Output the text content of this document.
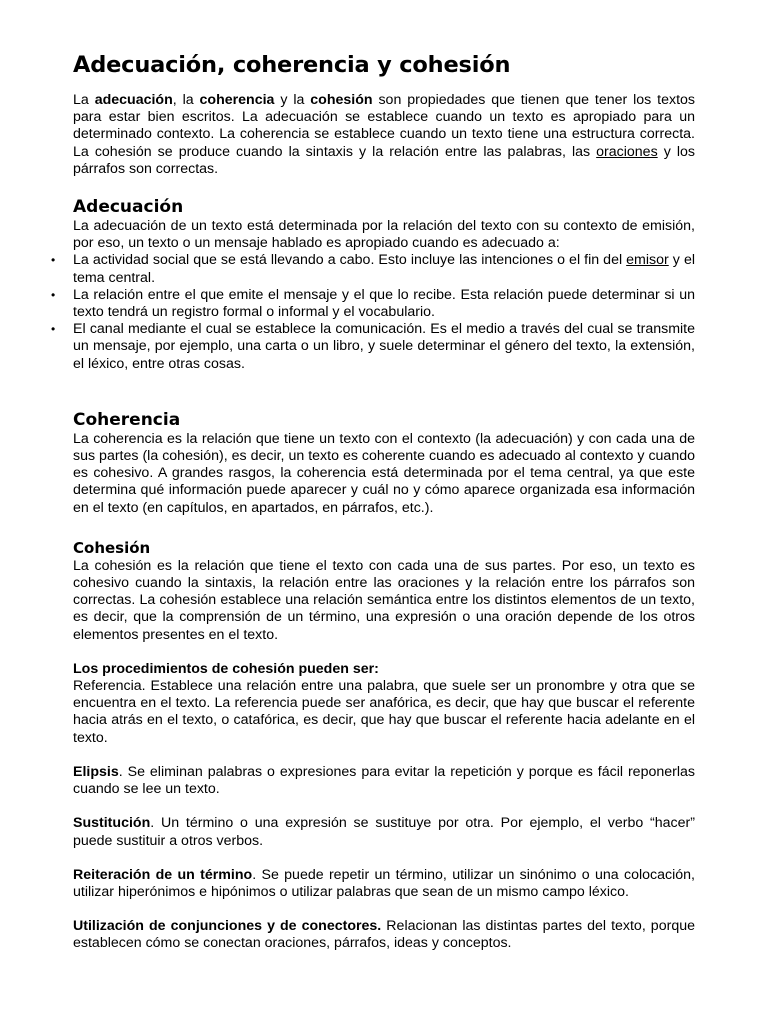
Adecuación, coherencia y cohesión

La adecuación, la coherencia y la cohesión son propiedades que tienen que tener los textos para estar bien escritos. La adecuación se establece cuando un texto es apropiado para un determinado contexto. La coherencia se establece cuando un texto tiene una estructura correcta. La cohesión se produce cuando la sintaxis y la relación entre las palabras, las oraciones y los párrafos son correctas.

Adecuación

La adecuación de un texto está determinada por la relación del texto con su contexto de emisión, por eso, un texto o un mensaje hablado es apropiado cuando es adecuado a:

• La actividad social que se está llevando a cabo. Esto incluye las intenciones o el fin del emisor y el tema central.
• La relación entre el que emite el mensaje y el que lo recibe. Esta relación puede determinar si un texto tendrá un registro formal o informal y el vocabulario.
• El canal mediante el cual se establece la comunicación. Es el medio a través del cual se transmite un mensaje, por ejemplo, una carta o un libro, y suele determinar el género del texto, la extensión, el léxico, entre otras cosas.
Coherencia

La coherencia es la relación que tiene un texto con el contexto (la adecuación) y con cada una de sus partes (la cohesión), es decir, un texto es coherente cuando es adecuado al contexto y cuando es cohesivo. A grandes rasgos, la coherencia está determinada por el tema central, ya que este determina qué información puede aparecer y cuál no y cómo aparece organizada esa información en el texto (en capítulos, en apartados, en párrafos, etc.).

Cohesión

La cohesión es la relación que tiene el texto con cada una de sus partes. Por eso, un texto es cohesivo cuando la sintaxis, la relación entre las oraciones y la relación entre los párrafos son correctas. La cohesión establece una relación semántica entre los distintos elementos de un texto, es decir, que la comprensión de un término, una expresión o una oración depende de los otros elementos presentes en el texto.

Los procedimientos de cohesión pueden ser:

Referencia. Establece una relación entre una palabra, que suele ser un pronombre y otra que se encuentra en el texto. La referencia puede ser anafórica, es decir, que hay que buscar el referente hacia atrás en el texto, o catafórica, es decir, que hay que buscar el referente hacia adelante en el texto.

Elipsis. Se eliminan palabras o expresiones para evitar la repetición y porque es fácil reponerlas cuando se lee un texto.

Sustitución. Un término o una expresión se sustituye por otra. Por ejemplo, el verbo “hacer” puede sustituir a otros verbos.

Reiteración de un término. Se puede repetir un término, utilizar un sinónimo o una colocación, utilizar hiperónimos e hipónimos o utilizar palabras que sean de un mismo campo léxico.

Utilización de conjunciones y de conectores. Relacionan las distintas partes del texto, porque establecen cómo se conectan oraciones, párrafos, ideas y conceptos.
